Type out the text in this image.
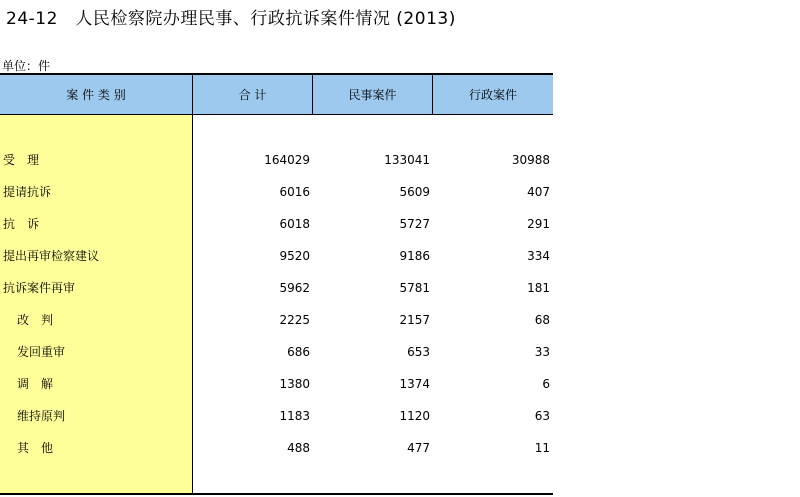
24-12　人民检察院办理民事、行政抗诉案件情况 (2013)
单位：件
案 件 类 别	合 计	民事案件	行政案件
受　理	164029	133041	30988
提请抗诉	6016	5609	407
抗　诉	6018	5727	291
提出再审检察建议	9520	9186	334
抗诉案件再审	5962	5781	181
改　判	2225	2157	68
发回重审	686	653	33
调　解	1380	1374	6
维持原判	1183	1120	63
其　他	488	477	11
